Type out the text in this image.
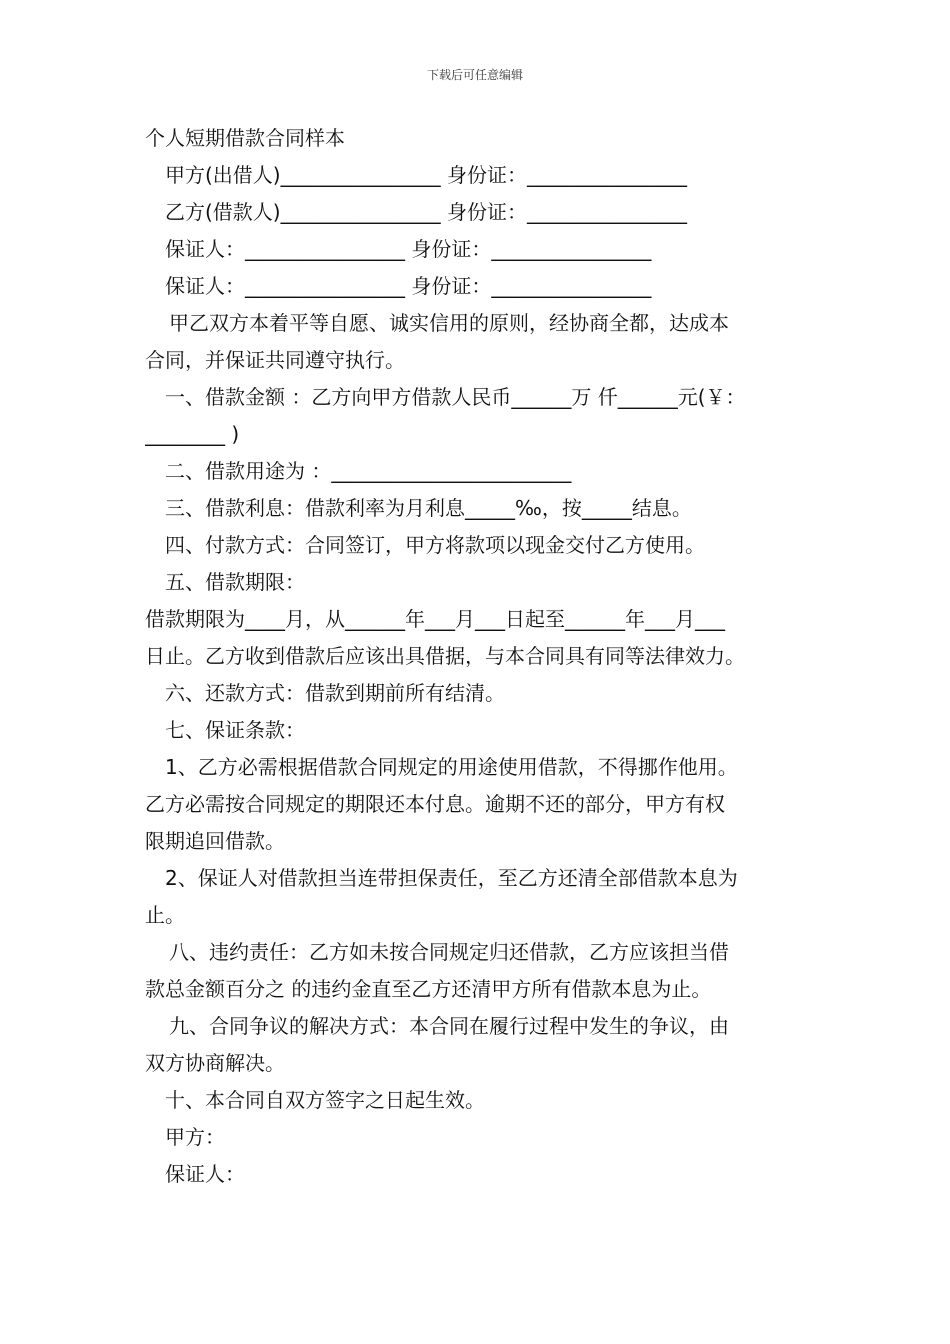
下载后可任意编辑
个人短期借款合同样本
甲方(出借人)________________ 身份证：________________
乙方(借款人)________________ 身份证：________________
保证人：________________ 身份证：________________
保证人：________________ 身份证：________________
甲乙双方本着平等自愿、诚实信用的原则，经协商全都，达成本
合同，并保证共同遵守执行。
一、借款金额 ：乙方向甲方借款人民币______万 仟______元(￥：
________ )
二、借款用途为 ：________________________
三、借款利息：借款利率为月利息_____‰，按_____结息。
四、付款方式：合同签订，甲方将款项以现金交付乙方使用。
五、借款期限：
借款期限为____月，从______年___月___日起至______年___月___
日止。乙方收到借款后应该出具借据，与本合同具有同等法律效力。
六、还款方式：借款到期前所有结清。
七、保证条款：
1、乙方必需根据借款合同规定的用途使用借款，不得挪作他用。
乙方必需按合同规定的期限还本付息。逾期不还的部分，甲方有权
限期追回借款。
2、保证人对借款担当连带担保责任，至乙方还清全部借款本息为
止。
八、违约责任：乙方如未按合同规定归还借款，乙方应该担当借
款总金额百分之 的违约金直至乙方还清甲方所有借款本息为止。
九、合同争议的解决方式：本合同在履行过程中发生的争议，由
双方协商解决。
十、本合同自双方签字之日起生效。
甲方：
保证人：
